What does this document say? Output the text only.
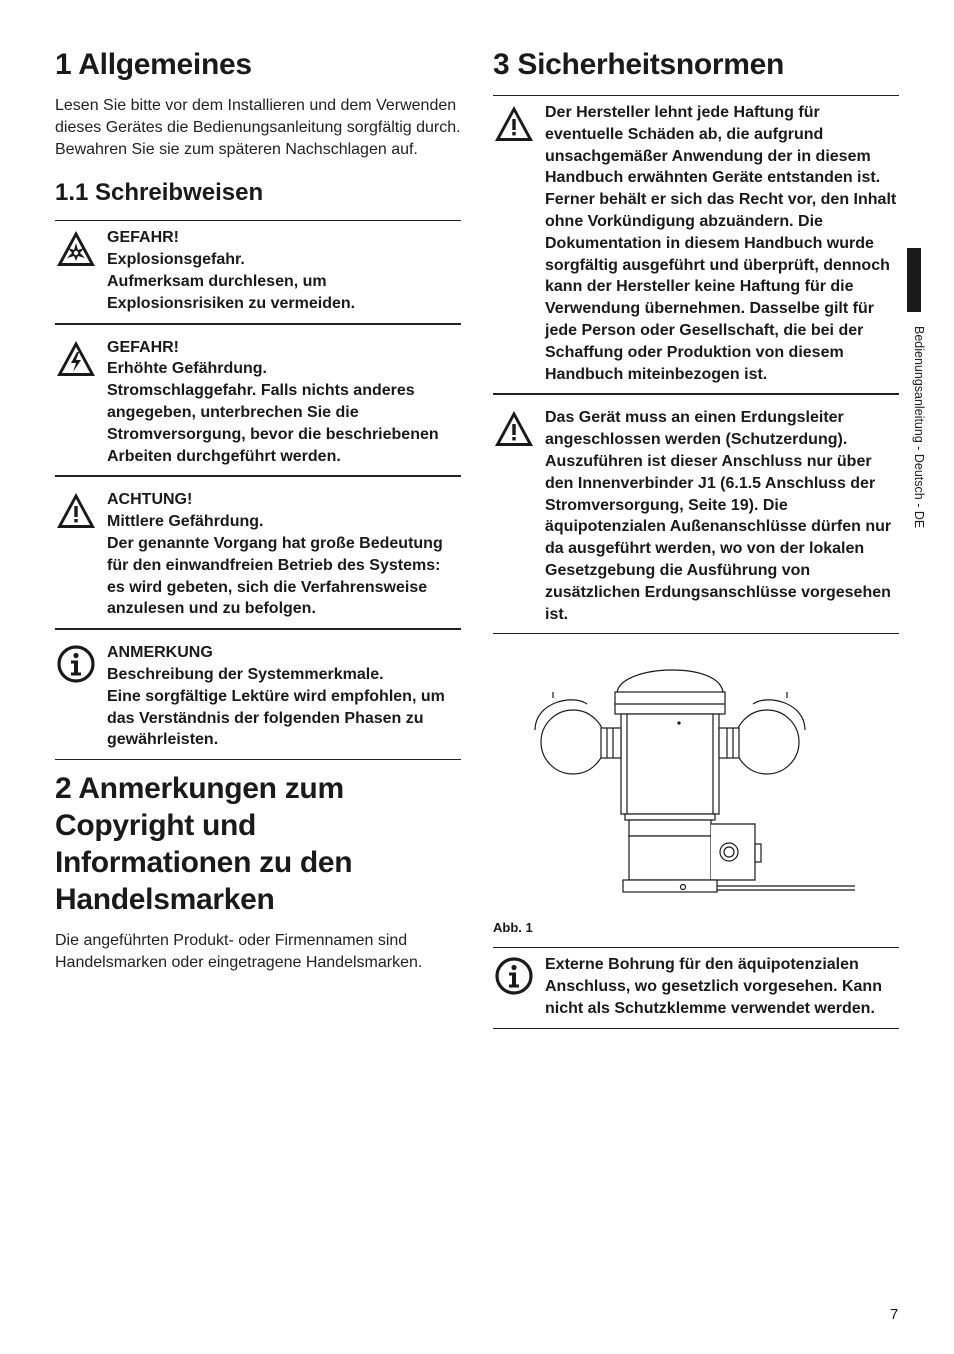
1 Allgemeines

Lesen Sie bitte vor dem Installieren und dem Verwenden dieses Gerätes die Bedienungsanleitung sorgfältig durch. Bewahren Sie sie zum späteren Nachschlagen auf.

1.1 Schreibweisen
GEFAHR!
Explosionsgefahr.
Aufmerksam durchlesen, um Explosionsrisiken zu vermeiden.
GEFAHR!
Erhöhte Gefährdung.
Stromschlaggefahr. Falls nichts anderes angegeben, unterbrechen Sie die Stromversorgung, bevor die beschriebenen Arbeiten durchgeführt werden.
ACHTUNG!
Mittlere Gefährdung.
Der genannte Vorgang hat große Bedeutung für den einwandfreien Betrieb des Systems: es wird gebeten, sich die Verfahrensweise anzulesen und zu befolgen.
ANMERKUNG
Beschreibung der Systemmerkmale.
Eine sorgfältige Lektüre wird empfohlen, um das Verständnis der folgenden Phasen zu gewährleisten.
2 Anmerkungen zum Copyright und Informationen zu den Handelsmarken

Die angeführten Produkt- oder Firmennamen sind Handelsmarken oder eingetragene Handelsmarken.

3 Sicherheitsnormen
Der Hersteller lehnt jede Haftung für eventuelle Schäden ab, die aufgrund unsachgemäßer Anwendung der in diesem Handbuch erwähnten Geräte entstanden ist. Ferner behält er sich das Recht vor, den Inhalt ohne Vorkündigung abzuändern. Die Dokumentation in diesem Handbuch wurde sorgfältig ausgeführt und überprüft, dennoch kann der Hersteller keine Haftung für die Verwendung übernehmen. Dasselbe gilt für jede Person oder Gesellschaft, die bei der Schaffung oder Produktion von diesem Handbuch miteinbezogen ist.
Das Gerät muss an einen Erdungsleiter angeschlossen werden (Schutzerdung). Auszuführen ist dieser Anschluss nur über den Innenverbinder J1 (6.1.5 Anschluss der Stromversorgung, Seite 19). Die äquipotenzialen Außenanschlüsse dürfen nur da ausgeführt werden, wo von der lokalen Gesetzgebung die Ausführung von zusätzlichen Erdungsanschlüsse vorgesehen ist.
Abb. 1
Externe Bohrung für den äquipotenzialen Anschluss, wo gesetzlich vorgesehen. Kann nicht als Schutzklemme verwendet werden.
Bedienungsanleitung - Deutsch - DE
7
